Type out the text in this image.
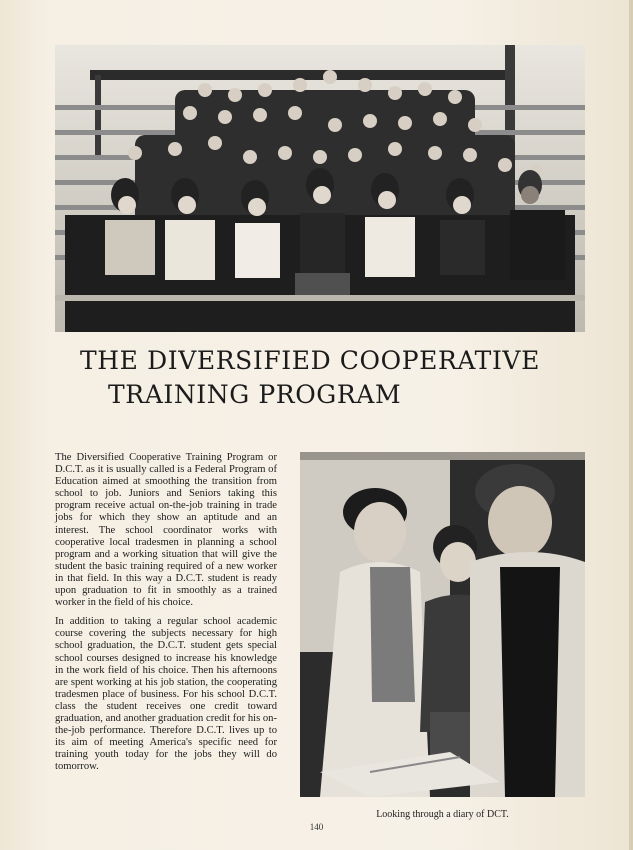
THE DIVERSIFIED COOPERATIVE
TRAINING PROGRAM

The Diversified Cooperative Training Program or D.C.T. as it is usually called is a Federal Program of Education aimed at smoothing the transition from school to job. Juniors and Seniors taking this program receive actual on-the-job training in trade jobs for which they show an aptitude and an interest. The school coordinator works with cooperative local tradesmen in planning a school program and a working situation that will give the student the basic training required of a new worker in that field. In this way a D.C.T. student is ready upon graduation to fit in smoothly as a trained worker in the field of his choice.

In addition to taking a regular school academic course covering the subjects necessary for high school graduation, the D.C.T. student gets special school courses designed to increase his knowledge in the work field of his choice. Then his afternoons are spent working at his job station, the cooperating tradesmen place of business. For his school D.C.T. class the student receives one credit toward graduation, and another graduation credit for his on-the-job performance. Therefore D.C.T. lives up to its aim of meeting America's specific need for training youth today for the jobs they will do tomorrow.

Looking through a diary of DCT.
140
